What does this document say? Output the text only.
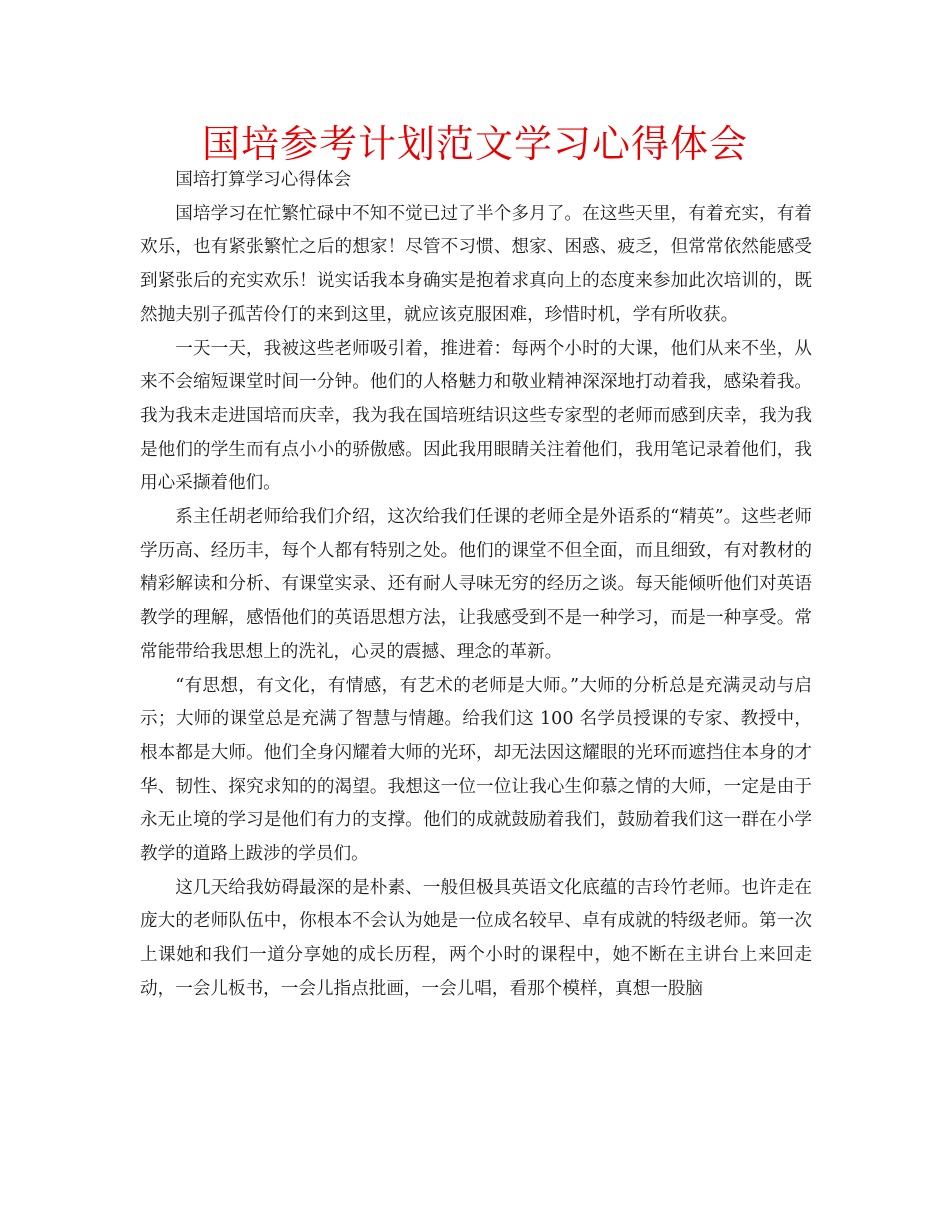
国培参考计划范文学习心得体会

国培打算学习心得体会

国培学习在忙繁忙碌中不知不觉已过了半个多月了。在这些天里，有着充实，有着欢乐，也有紧张繁忙之后的想家！尽管不习惯、想家、困惑、疲乏，但常常依然能感受到紧张后的充实欢乐！说实话我本身确实是抱着求真向上的态度来参加此次培训的，既然抛夫别子孤苦伶仃的来到这里，就应该克服困难，珍惜时机，学有所收获。

一天一天，我被这些老师吸引着，推进着：每两个小时的大课，他们从来不坐，从来不会缩短课堂时间一分钟。他们的人格魅力和敬业精神深深地打动着我，感染着我。我为我末走进国培而庆幸，我为我在国培班结识这些专家型的老师而感到庆幸，我为我是他们的学生而有点小小的骄傲感。因此我用眼睛关注着他们，我用笔记录着他们，我用心采撷着他们。

系主任胡老师给我们介绍，这次给我们任课的老师全是外语系的“精英”。这些老师学历高、经历丰，每个人都有特别之处。他们的课堂不但全面，而且细致，有对教材的精彩解读和分析、有课堂实录、还有耐人寻味无穷的经历之谈。每天能倾听他们对英语教学的理解，感悟他们的英语思想方法，让我感受到不是一种学习，而是一种享受。常常能带给我思想上的洗礼，心灵的震撼、理念的革新。

“有思想，有文化，有情感，有艺术的老师是大师。”大师的分析总是充满灵动与启示；大师的课堂总是充满了智慧与情趣。给我们这 100 名学员授课的专家、教授中，根本都是大师。他们全身闪耀着大师的光环，却无法因这耀眼的光环而遮挡住本身的才华、韧性、探究求知的的渴望。我想这一位一位让我心生仰慕之情的大师，一定是由于永无止境的学习是他们有力的支撑。他们的成就鼓励着我们，鼓励着我们这一群在小学教学的道路上跋涉的学员们。

这几天给我妨碍最深的是朴素、一般但极具英语文化底蕴的吉玲竹老师。也许走在庞大的老师队伍中，你根本不会认为她是一位成名较早、卓有成就的特级老师。第一次上课她和我们一道分享她的成长历程，两个小时的课程中，她不断在主讲台上来回走动，一会儿板书，一会儿指点批画，一会儿唱，看那个模样，真想一股脑
